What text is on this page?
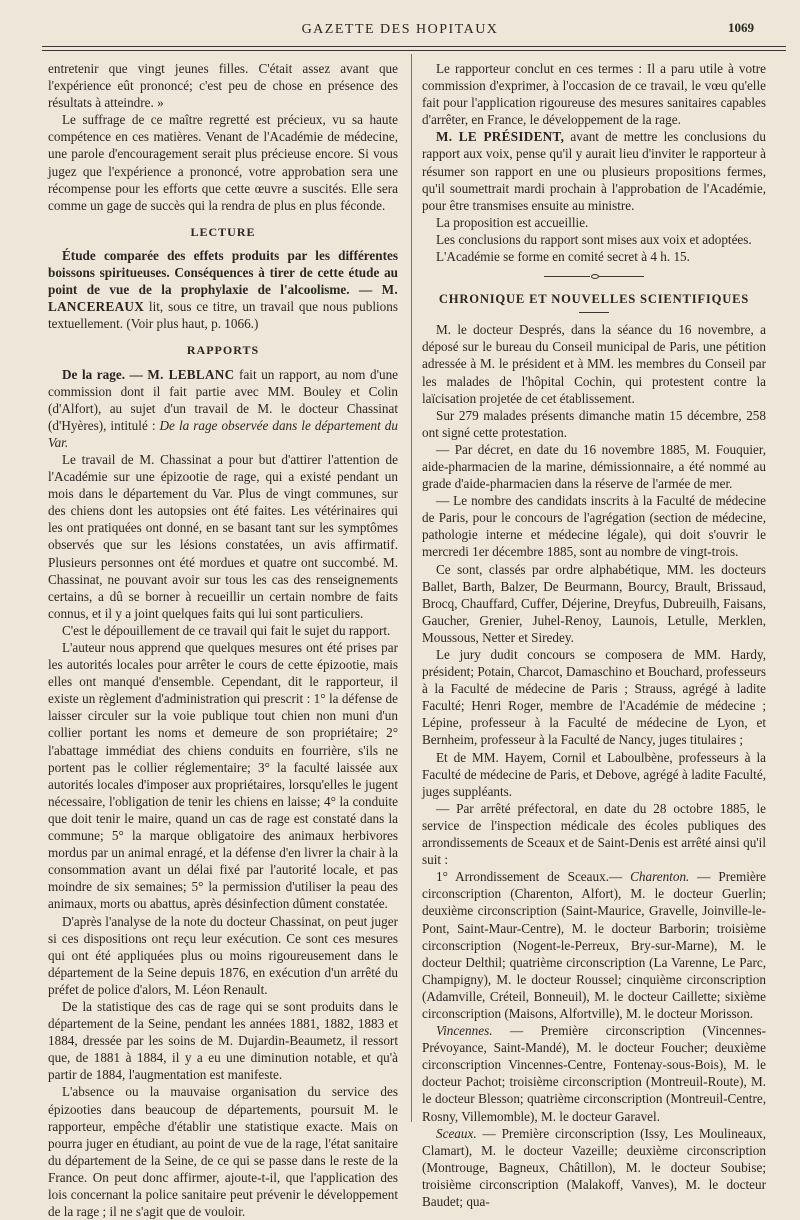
GAZETTE DES HOPITAUX	1069

entretenir que vingt jeunes filles. C'était assez avant que l'expérience eût prononcé; c'est peu de chose en présence des résultats à atteindre. »

Le suffrage de ce maître regretté est précieux, vu sa haute compétence en ces matières. Venant de l'Académie de médecine, une parole d'encouragement serait plus précieuse encore. Si vous jugez que l'expérience a prononcé, votre approbation sera une récompense pour les efforts que cette œuvre a suscités. Elle sera comme un gage de succès qui la rendra de plus en plus féconde.

LECTURE

Étude comparée des effets produits par les différentes boissons spiritueuses. Conséquences à tirer de cette étude au point de vue de la prophylaxie de l'alcoolisme. — M. LANCEREAUX lit, sous ce titre, un travail que nous publions textuellement. (Voir plus haut, p. 1066.)

RAPPORTS

De la rage. — M. LEBLANC fait un rapport, au nom d'une commission dont il fait partie avec MM. Bouley et Colin (d'Alfort), au sujet d'un travail de M. le docteur Chassinat (d'Hyères), intitulé : De la rage observée dans le département du Var.

Le travail de M. Chassinat a pour but d'attirer l'attention de l'Académie sur une épizootie de rage, qui a existé pendant un mois dans le département du Var. Plus de vingt communes, sur des chiens dont les autopsies ont été faites. Les vétérinaires qui les ont pratiquées ont donné, en se basant tant sur les symptômes observés que sur les lésions constatées, un avis affirmatif. Plusieurs personnes ont été mordues et quatre ont succombé. M. Chassinat, ne pouvant avoir sur tous les cas des renseignements certains, a dû se borner à recueillir un certain nombre de faits connus, et il y a joint quelques faits qui lui sont particuliers.

C'est le dépouillement de ce travail qui fait le sujet du rapport.

L'auteur nous apprend que quelques mesures ont été prises par les autorités locales pour arrêter le cours de cette épizootie, mais elles ont manqué d'ensemble. Cependant, dit le rapporteur, il existe un règlement d'administration qui prescrit : 1° la défense de laisser circuler sur la voie publique tout chien non muni d'un collier portant les noms et demeure de son propriétaire; 2° l'abattage immédiat des chiens conduits en fourrière, s'ils ne portent pas le collier réglementaire; 3° la faculté laissée aux autorités locales d'imposer aux propriétaires, lorsqu'elles le jugent nécessaire, l'obligation de tenir les chiens en laisse; 4° la conduite que doit tenir le maire, quand un cas de rage est constaté dans la commune; 5° la marque obligatoire des animaux herbivores mordus par un animal enragé, et la défense d'en livrer la chair à la consommation avant un délai fixé par l'autorité locale, et pas moindre de six semaines; 5° la permission d'utiliser la peau des animaux, morts ou abattus, après désinfection dûment constatée.

D'après l'analyse de la note du docteur Chassinat, on peut juger si ces dispositions ont reçu leur exécution. Ce sont ces mesures qui ont été appliquées plus ou moins rigoureusement dans le département de la Seine depuis 1876, en exécution d'un arrêté du préfet de police d'alors, M. Léon Renault.

De la statistique des cas de rage qui se sont produits dans le département de la Seine, pendant les années 1881, 1882, 1883 et 1884, dressée par les soins de M. Dujardin-Beaumetz, il ressort que, de 1881 à 1884, il y a eu une diminution notable, et qu'à partir de 1884, l'augmentation est manifeste.

L'absence ou la mauvaise organisation du service des épizooties dans beaucoup de départements, poursuit M. le rapporteur, empêche d'établir une statistique exacte. Mais on pourra juger en étudiant, au point de vue de la rage, l'état sanitaire du département de la Seine, de ce qui se passe dans le reste de la France. On peut donc affirmer, ajoute-t-il, que l'application des lois concernant la police sanitaire peut prévenir le développement de la rage ; il ne s'agit que de vouloir.

Le rapporteur conclut en ces termes : Il a paru utile à votre commission d'exprimer, à l'occasion de ce travail, le vœu qu'elle fait pour l'application rigoureuse des mesures sanitaires capables d'arrêter, en France, le développement de la rage.

M. LE PRÉSIDENT, avant de mettre les conclusions du rapport aux voix, pense qu'il y aurait lieu d'inviter le rapporteur à résumer son rapport en une ou plusieurs propositions fermes, qu'il soumettrait mardi prochain à l'approbation de l'Académie, pour être transmises ensuite au ministre.

La proposition est accueillie.

Les conclusions du rapport sont mises aux voix et adoptées.

L'Académie se forme en comité secret à 4 h. 15.

CHRONIQUE ET NOUVELLES SCIENTIFIQUES

M. le docteur Després, dans la séance du 16 novembre, a déposé sur le bureau du Conseil municipal de Paris, une pétition adressée à M. le président et à MM. les membres du Conseil par les malades de l'hôpital Cochin, qui protestent contre la laïcisation projetée de cet établissement.

Sur 279 malades présents dimanche matin 15 décembre, 258 ont signé cette protestation.

— Par décret, en date du 16 novembre 1885, M. Fouquier, aide-pharmacien de la marine, démissionnaire, a été nommé au grade d'aide-pharmacien dans la réserve de l'armée de mer.

— Le nombre des candidats inscrits à la Faculté de médecine de Paris, pour le concours de l'agrégation (section de médecine, pathologie interne et médecine légale), qui doit s'ouvrir le mercredi 1er décembre 1885, sont au nombre de vingt-trois.

Ce sont, classés par ordre alphabétique, MM. les docteurs Ballet, Barth, Balzer, De Beurmann, Bourcy, Brault, Brissaud, Brocq, Chauffard, Cuffer, Déjerine, Dreyfus, Dubreuilh, Faisans, Gaucher, Grenier, Juhel-Renoy, Launois, Letulle, Merklen, Moussous, Netter et Siredey.

Le jury dudit concours se composera de MM. Hardy, président; Potain, Charcot, Damaschino et Bouchard, professeurs à la Faculté de médecine de Paris ; Strauss, agrégé à ladite Faculté; Henri Roger, membre de l'Académie de médecine ; Lépine, professeur à la Faculté de médecine de Lyon, et Bernheim, professeur à la Faculté de Nancy, juges titulaires ;

Et de MM. Hayem, Cornil et Laboulbène, professeurs à la Faculté de médecine de Paris, et Debove, agrégé à ladite Faculté, juges suppléants.

— Par arrêté préfectoral, en date du 28 octobre 1885, le service de l'inspection médicale des écoles publiques des arrondissements de Sceaux et de Saint-Denis est arrêté ainsi qu'il suit :

1° Arrondissement de Sceaux.— Charenton. — Première circonscription (Charenton, Alfort), M. le docteur Guerlin; deuxième circonscription (Saint-Maurice, Gravelle, Joinville-le-Pont, Saint-Maur-Centre), M. le docteur Barborin; troisième circonscription (Nogent-le-Perreux, Bry-sur-Marne), M. le docteur Delthil; quatrième circonscription (La Varenne, Le Parc, Champigny), M. le docteur Roussel; cinquième circonscription (Adamville, Créteil, Bonneuil), M. le docteur Caillette; sixième circonscription (Maisons, Alfortville), M. le docteur Morisson.

Vincennes. — Première circonscription (Vincennes-Prévoyance, Saint-Mandé), M. le docteur Foucher; deuxième circonscription Vincennes-Centre, Fontenay-sous-Bois), M. le docteur Pachot; troisième circonscription (Montreuil-Route), M. le docteur Blesson; quatrième circonscription (Montreuil-Centre, Rosny, Villemomble), M. le docteur Garavel.

Sceaux. — Première circonscription (Issy, Les Moulineaux, Clamart), M. le docteur Vazeille; deuxième circonscription (Montrouge, Bagneux, Châtillon), M. le docteur Soubise; troisième circonscription (Malakoff, Vanves), M. le docteur Baudet; qua-
